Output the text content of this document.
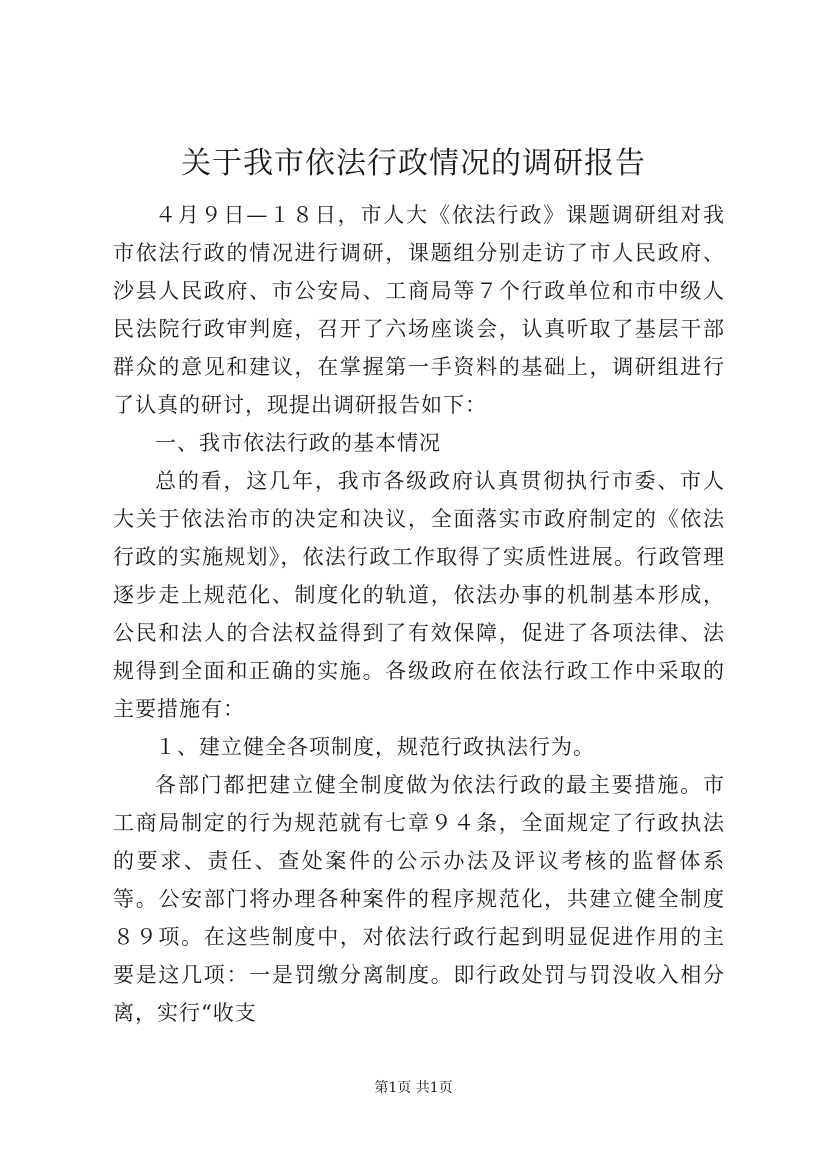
关于我市依法行政情况的调研报告

４月９日—１８日，市人大《依法行政》课题调研组对我市依法行政的情况进行调研，课题组分别走访了市人民政府、沙县人民政府、市公安局、工商局等７个行政单位和市中级人民法院行政审判庭，召开了六场座谈会，认真听取了基层干部群众的意见和建议，在掌握第一手资料的基础上，调研组进行了认真的研讨，现提出调研报告如下：

一、我市依法行政的基本情况

总的看，这几年，我市各级政府认真贯彻执行市委、市人大关于依法治市的决定和决议，全面落实市政府制定的《依法行政的实施规划》，依法行政工作取得了实质性进展。行政管理逐步走上规范化、制度化的轨道，依法办事的机制基本形成，公民和法人的合法权益得到了有效保障，促进了各项法律、法规得到全面和正确的实施。各级政府在依法行政工作中采取的主要措施有：

１、建立健全各项制度，规范行政执法行为。

各部门都把建立健全制度做为依法行政的最主要措施。市工商局制定的行为规范就有七章９４条，全面规定了行政执法的要求、责任、查处案件的公示办法及评议考核的监督体系等。公安部门将办理各种案件的程序规范化，共建立健全制度８９项。在这些制度中，对依法行政行起到明显促进作用的主要是这几项：一是罚缴分离制度。即行政处罚与罚没收入相分离，实行“收支

第1页 共1页
